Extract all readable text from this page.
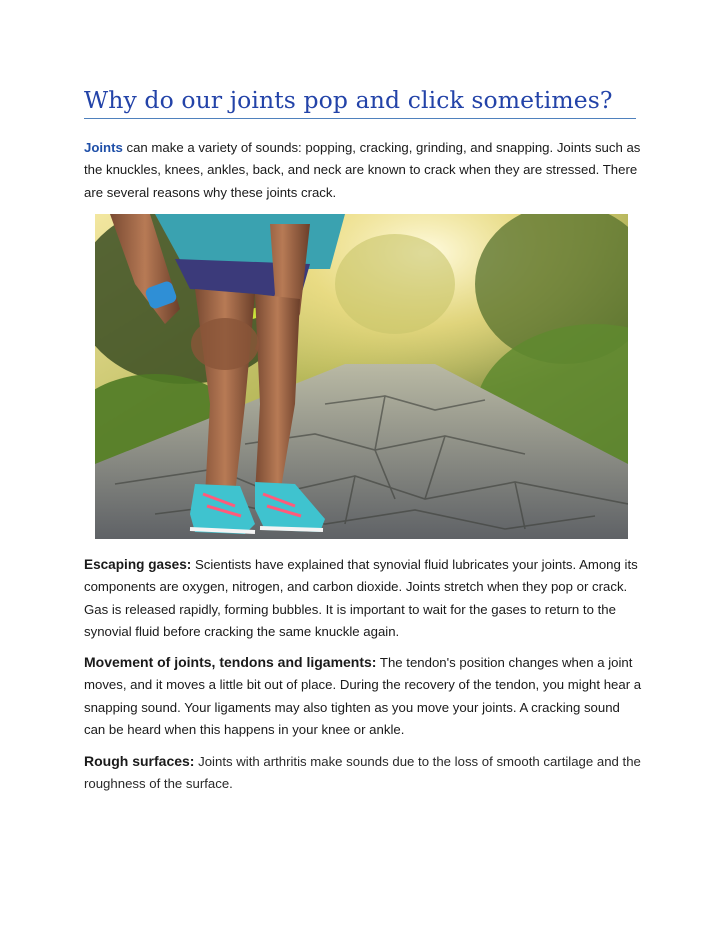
Why do our joints pop and click sometimes?

Joints can make a variety of sounds: popping, cracking, grinding, and snapping. Joints such as the knuckles, knees, ankles, back, and neck are known to crack when they are stressed. There are several reasons why these joints crack.

Escaping gases: Scientists have explained that synovial fluid lubricates your joints. Among its components are oxygen, nitrogen, and carbon dioxide. Joints stretch when they pop or crack. Gas is released rapidly, forming bubbles. It is important to wait for the gases to return to the synovial fluid before cracking the same knuckle again.

Movement of joints, tendons and ligaments: The tendon's position changes when a joint moves, and it moves a little bit out of place. During the recovery of the tendon, you might hear a snapping sound. Your ligaments may also tighten as you move your joints. A cracking sound can be heard when this happens in your knee or ankle.

Rough surfaces: Joints with arthritis make sounds due to the loss of smooth cartilage and the roughness of the surface.
